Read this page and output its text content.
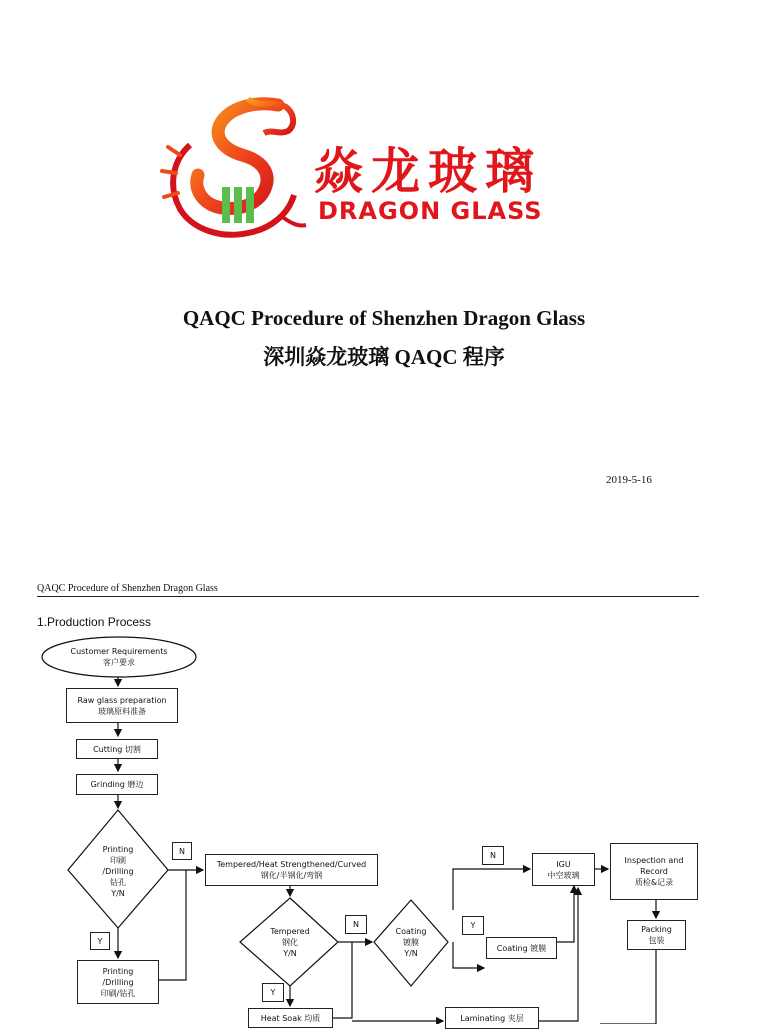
焱龙玻璃
DRAGON GLASS
QAQC Procedure of Shenzhen Dragon Glass
深圳焱龙玻璃 QAQC 程序
2019-5-16
QAQC Procedure of Shenzhen Dragon Glass
1.Production Process
Customer Requirements
客户要求
Raw glass preparation
玻璃原料准备
Cutting 切割
Grinding 磨边
Printing
印刷
/Drilling
钻孔
Y/N
N
Y
Printing
/Drilling
印刷/钻孔
Tempered/Heat Strengthened/Curved
钢化/半钢化/弯钢
Tempered
钢化
Y/N
N
Y
Heat Soak 均质
Coating
镀膜
Y/N
N
Y
Coating 镀膜
IGU
中空玻璃
Laminating 夹层
Inspection and
Record
质检&记录
Packing
包装
